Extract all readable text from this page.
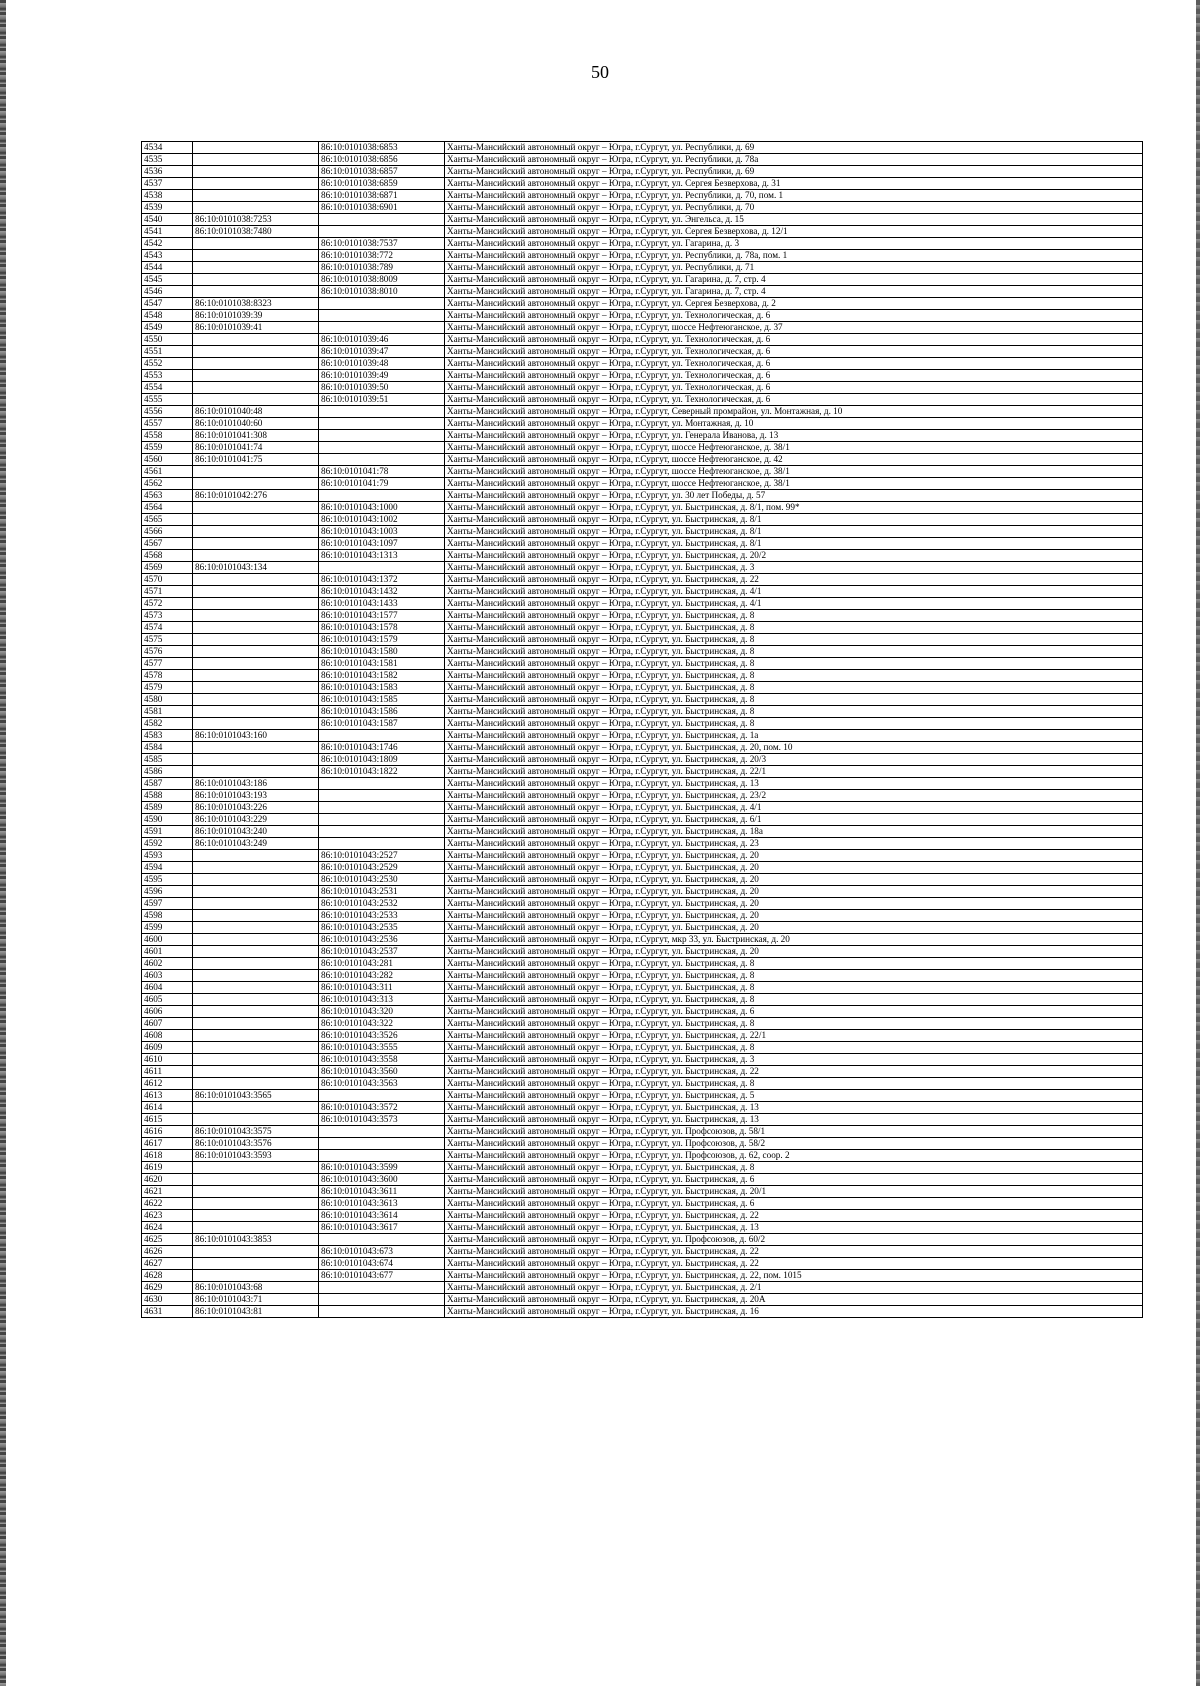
50
4534		86:10:0101038:6853	Ханты-Мансийский автономный округ – Югра, г.Сургут, ул. Республики, д. 69
4535		86:10:0101038:6856	Ханты-Мансийский автономный округ – Югра, г.Сургут, ул. Республики, д. 78а
4536		86:10:0101038:6857	Ханты-Мансийский автономный округ – Югра, г.Сургут, ул. Республики, д. 69
4537		86:10:0101038:6859	Ханты-Мансийский автономный округ – Югра, г.Сургут, ул. Сергея Безверхова, д. 31
4538		86:10:0101038:6871	Ханты-Мансийский автономный округ – Югра, г.Сургут, ул. Республики, д. 70, пом. 1
4539		86:10:0101038:6901	Ханты-Мансийский автономный округ – Югра, г.Сургут, ул. Республики, д. 70
4540	86:10:0101038:7253		Ханты-Мансийский автономный округ – Югра, г.Сургут, ул. Энгельса, д. 15
4541	86:10:0101038:7480		Ханты-Мансийский автономный округ – Югра, г.Сургут, ул. Сергея Безверхова, д. 12/1
4542		86:10:0101038:7537	Ханты-Мансийский автономный округ – Югра, г.Сургут, ул. Гагарина, д. 3
4543		86:10:0101038:772	Ханты-Мансийский автономный округ – Югра, г.Сургут, ул. Республики, д. 78а, пом. 1
4544		86:10:0101038:789	Ханты-Мансийский автономный округ – Югра, г.Сургут, ул. Республики, д. 71
4545		86:10:0101038:8009	Ханты-Мансийский автономный округ – Югра, г.Сургут, ул. Гагарина, д. 7, стр. 4
4546		86:10:0101038:8010	Ханты-Мансийский автономный округ – Югра, г.Сургут, ул. Гагарина, д. 7, стр. 4
4547	86:10:0101038:8323		Ханты-Мансийский автономный округ – Югра, г.Сургут, ул. Сергея Безверхова, д. 2
4548	86:10:0101039:39		Ханты-Мансийский автономный округ – Югра, г.Сургут, ул. Технологическая, д. 6
4549	86:10:0101039:41		Ханты-Мансийский автономный округ – Югра, г.Сургут, шоссе Нефтеюганское, д. 37
4550		86:10:0101039:46	Ханты-Мансийский автономный округ – Югра, г.Сургут, ул. Технологическая, д. 6
4551		86:10:0101039:47	Ханты-Мансийский автономный округ – Югра, г.Сургут, ул. Технологическая, д. 6
4552		86:10:0101039:48	Ханты-Мансийский автономный округ – Югра, г.Сургут, ул. Технологическая, д. 6
4553		86:10:0101039:49	Ханты-Мансийский автономный округ – Югра, г.Сургут, ул. Технологическая, д. 6
4554		86:10:0101039:50	Ханты-Мансийский автономный округ – Югра, г.Сургут, ул. Технологическая, д. 6
4555		86:10:0101039:51	Ханты-Мансийский автономный округ – Югра, г.Сургут, ул. Технологическая, д. 6
4556	86:10:0101040:48		Ханты-Мансийский автономный округ – Югра, г.Сургут, Северный промрайон, ул. Монтажная, д. 10
4557	86:10:0101040:60		Ханты-Мансийский автономный округ – Югра, г.Сургут, ул. Монтажная, д. 10
4558	86:10:0101041:308		Ханты-Мансийский автономный округ – Югра, г.Сургут, ул. Генерала Иванова, д. 13
4559	86:10:0101041:74		Ханты-Мансийский автономный округ – Югра, г.Сургут, шоссе Нефтеюганское, д. 38/1
4560	86:10:0101041:75		Ханты-Мансийский автономный округ – Югра, г.Сургут, шоссе Нефтеюганское, д. 42
4561		86:10:0101041:78	Ханты-Мансийский автономный округ – Югра, г.Сургут, шоссе Нефтеюганское, д. 38/1
4562		86:10:0101041:79	Ханты-Мансийский автономный округ – Югра, г.Сургут, шоссе Нефтеюганское, д. 38/1
4563	86:10:0101042:276		Ханты-Мансийский автономный округ – Югра, г.Сургут, ул. 30 лет Победы, д. 57
4564		86:10:0101043:1000	Ханты-Мансийский автономный округ – Югра, г.Сургут, ул. Быстринская, д. 8/1, пом. 99*
4565		86:10:0101043:1002	Ханты-Мансийский автономный округ – Югра, г.Сургут, ул. Быстринская, д. 8/1
4566		86:10:0101043:1003	Ханты-Мансийский автономный округ – Югра, г.Сургут, ул. Быстринская, д. 8/1
4567		86:10:0101043:1097	Ханты-Мансийский автономный округ – Югра, г.Сургут, ул. Быстринская, д. 8/1
4568		86:10:0101043:1313	Ханты-Мансийский автономный округ – Югра, г.Сургут, ул. Быстринская, д. 20/2
4569	86:10:0101043:134		Ханты-Мансийский автономный округ – Югра, г.Сургут, ул. Быстринская, д. 3
4570		86:10:0101043:1372	Ханты-Мансийский автономный округ – Югра, г.Сургут, ул. Быстринская, д. 22
4571		86:10:0101043:1432	Ханты-Мансийский автономный округ – Югра, г.Сургут, ул. Быстринская, д. 4/1
4572		86:10:0101043:1433	Ханты-Мансийский автономный округ – Югра, г.Сургут, ул. Быстринская, д. 4/1
4573		86:10:0101043:1577	Ханты-Мансийский автономный округ – Югра, г.Сургут, ул. Быстринская, д. 8
4574		86:10:0101043:1578	Ханты-Мансийский автономный округ – Югра, г.Сургут, ул. Быстринская, д. 8
4575		86:10:0101043:1579	Ханты-Мансийский автономный округ – Югра, г.Сургут, ул. Быстринская, д. 8
4576		86:10:0101043:1580	Ханты-Мансийский автономный округ – Югра, г.Сургут, ул. Быстринская, д. 8
4577		86:10:0101043:1581	Ханты-Мансийский автономный округ – Югра, г.Сургут, ул. Быстринская, д. 8
4578		86:10:0101043:1582	Ханты-Мансийский автономный округ – Югра, г.Сургут, ул. Быстринская, д. 8
4579		86:10:0101043:1583	Ханты-Мансийский автономный округ – Югра, г.Сургут, ул. Быстринская, д. 8
4580		86:10:0101043:1585	Ханты-Мансийский автономный округ – Югра, г.Сургут, ул. Быстринская, д. 8
4581		86:10:0101043:1586	Ханты-Мансийский автономный округ – Югра, г.Сургут, ул. Быстринская, д. 8
4582		86:10:0101043:1587	Ханты-Мансийский автономный округ – Югра, г.Сургут, ул. Быстринская, д. 8
4583	86:10:0101043:160		Ханты-Мансийский автономный округ – Югра, г.Сургут, ул. Быстринская, д. 1а
4584		86:10:0101043:1746	Ханты-Мансийский автономный округ – Югра, г.Сургут, ул. Быстринская, д. 20, пом. 10
4585		86:10:0101043:1809	Ханты-Мансийский автономный округ – Югра, г.Сургут, ул. Быстринская, д. 20/3
4586		86:10:0101043:1822	Ханты-Мансийский автономный округ – Югра, г.Сургут, ул. Быстринская, д. 22/1
4587	86:10:0101043:186		Ханты-Мансийский автономный округ – Югра, г.Сургут, ул. Быстринская, д. 13
4588	86:10:0101043:193		Ханты-Мансийский автономный округ – Югра, г.Сургут, ул. Быстринская, д. 23/2
4589	86:10:0101043:226		Ханты-Мансийский автономный округ – Югра, г.Сургут, ул. Быстринская, д. 4/1
4590	86:10:0101043:229		Ханты-Мансийский автономный округ – Югра, г.Сургут, ул. Быстринская, д. 6/1
4591	86:10:0101043:240		Ханты-Мансийский автономный округ – Югра, г.Сургут, ул. Быстринская, д. 18а
4592	86:10:0101043:249		Ханты-Мансийский автономный округ – Югра, г.Сургут, ул. Быстринская, д. 23
4593		86:10:0101043:2527	Ханты-Мансийский автономный округ – Югра, г.Сургут, ул. Быстринская, д. 20
4594		86:10:0101043:2529	Ханты-Мансийский автономный округ – Югра, г.Сургут, ул. Быстринская, д. 20
4595		86:10:0101043:2530	Ханты-Мансийский автономный округ – Югра, г.Сургут, ул. Быстринская, д. 20
4596		86:10:0101043:2531	Ханты-Мансийский автономный округ – Югра, г.Сургут, ул. Быстринская, д. 20
4597		86:10:0101043:2532	Ханты-Мансийский автономный округ – Югра, г.Сургут, ул. Быстринская, д. 20
4598		86:10:0101043:2533	Ханты-Мансийский автономный округ – Югра, г.Сургут, ул. Быстринская, д. 20
4599		86:10:0101043:2535	Ханты-Мансийский автономный округ – Югра, г.Сургут, ул. Быстринская, д. 20
4600		86:10:0101043:2536	Ханты-Мансийский автономный округ – Югра, г.Сургут, мкр 33, ул. Быстринская, д. 20
4601		86:10:0101043:2537	Ханты-Мансийский автономный округ – Югра, г.Сургут, ул. Быстринская, д. 20
4602		86:10:0101043:281	Ханты-Мансийский автономный округ – Югра, г.Сургут, ул. Быстринская, д. 8
4603		86:10:0101043:282	Ханты-Мансийский автономный округ – Югра, г.Сургут, ул. Быстринская, д. 8
4604		86:10:0101043:311	Ханты-Мансийский автономный округ – Югра, г.Сургут, ул. Быстринская, д. 8
4605		86:10:0101043:313	Ханты-Мансийский автономный округ – Югра, г.Сургут, ул. Быстринская, д. 8
4606		86:10:0101043:320	Ханты-Мансийский автономный округ – Югра, г.Сургут, ул. Быстринская, д. 6
4607		86:10:0101043:322	Ханты-Мансийский автономный округ – Югра, г.Сургут, ул. Быстринская, д. 8
4608		86:10:0101043:3526	Ханты-Мансийский автономный округ – Югра, г.Сургут, ул. Быстринская, д. 22/1
4609		86:10:0101043:3555	Ханты-Мансийский автономный округ – Югра, г.Сургут, ул. Быстринская, д. 8
4610		86:10:0101043:3558	Ханты-Мансийский автономный округ – Югра, г.Сургут, ул. Быстринская, д. 3
4611		86:10:0101043:3560	Ханты-Мансийский автономный округ – Югра, г.Сургут, ул. Быстринская, д. 22
4612		86:10:0101043:3563	Ханты-Мансийский автономный округ – Югра, г.Сургут, ул. Быстринская, д. 8
4613	86:10:0101043:3565		Ханты-Мансийский автономный округ – Югра, г.Сургут, ул. Быстринская, д. 5
4614		86:10:0101043:3572	Ханты-Мансийский автономный округ – Югра, г.Сургут, ул. Быстринская, д. 13
4615		86:10:0101043:3573	Ханты-Мансийский автономный округ – Югра, г.Сургут, ул. Быстринская, д. 13
4616	86:10:0101043:3575		Ханты-Мансийский автономный округ – Югра, г.Сургут, ул. Профсоюзов, д. 58/1
4617	86:10:0101043:3576		Ханты-Мансийский автономный округ – Югра, г.Сургут, ул. Профсоюзов, д. 58/2
4618	86:10:0101043:3593		Ханты-Мансийский автономный округ – Югра, г.Сургут, ул. Профсоюзов, д. 62, соор. 2
4619		86:10:0101043:3599	Ханты-Мансийский автономный округ – Югра, г.Сургут, ул. Быстринская, д. 8
4620		86:10:0101043:3600	Ханты-Мансийский автономный округ – Югра, г.Сургут, ул. Быстринская, д. 6
4621		86:10:0101043:3611	Ханты-Мансийский автономный округ – Югра, г.Сургут, ул. Быстринская, д. 20/1
4622		86:10:0101043:3613	Ханты-Мансийский автономный округ – Югра, г.Сургут, ул. Быстринская, д. 6
4623		86:10:0101043:3614	Ханты-Мансийский автономный округ – Югра, г.Сургут, ул. Быстринская, д. 22
4624		86:10:0101043:3617	Ханты-Мансийский автономный округ – Югра, г.Сургут, ул. Быстринская, д. 13
4625	86:10:0101043:3853		Ханты-Мансийский автономный округ – Югра, г.Сургут, ул. Профсоюзов, д. 60/2
4626		86:10:0101043:673	Ханты-Мансийский автономный округ – Югра, г.Сургут, ул. Быстринская, д. 22
4627		86:10:0101043:674	Ханты-Мансийский автономный округ – Югра, г.Сургут, ул. Быстринская, д. 22
4628		86:10:0101043:677	Ханты-Мансийский автономный округ – Югра, г.Сургут, ул. Быстринская, д. 22, пом. 1015
4629	86:10:0101043:68		Ханты-Мансийский автономный округ – Югра, г.Сургут, ул. Быстринская, д. 2/1
4630	86:10:0101043:71		Ханты-Мансийский автономный округ – Югра, г.Сургут, ул. Быстринская, д. 20А
4631	86:10:0101043:81		Ханты-Мансийский автономный округ – Югра, г.Сургут, ул. Быстринская, д. 16
